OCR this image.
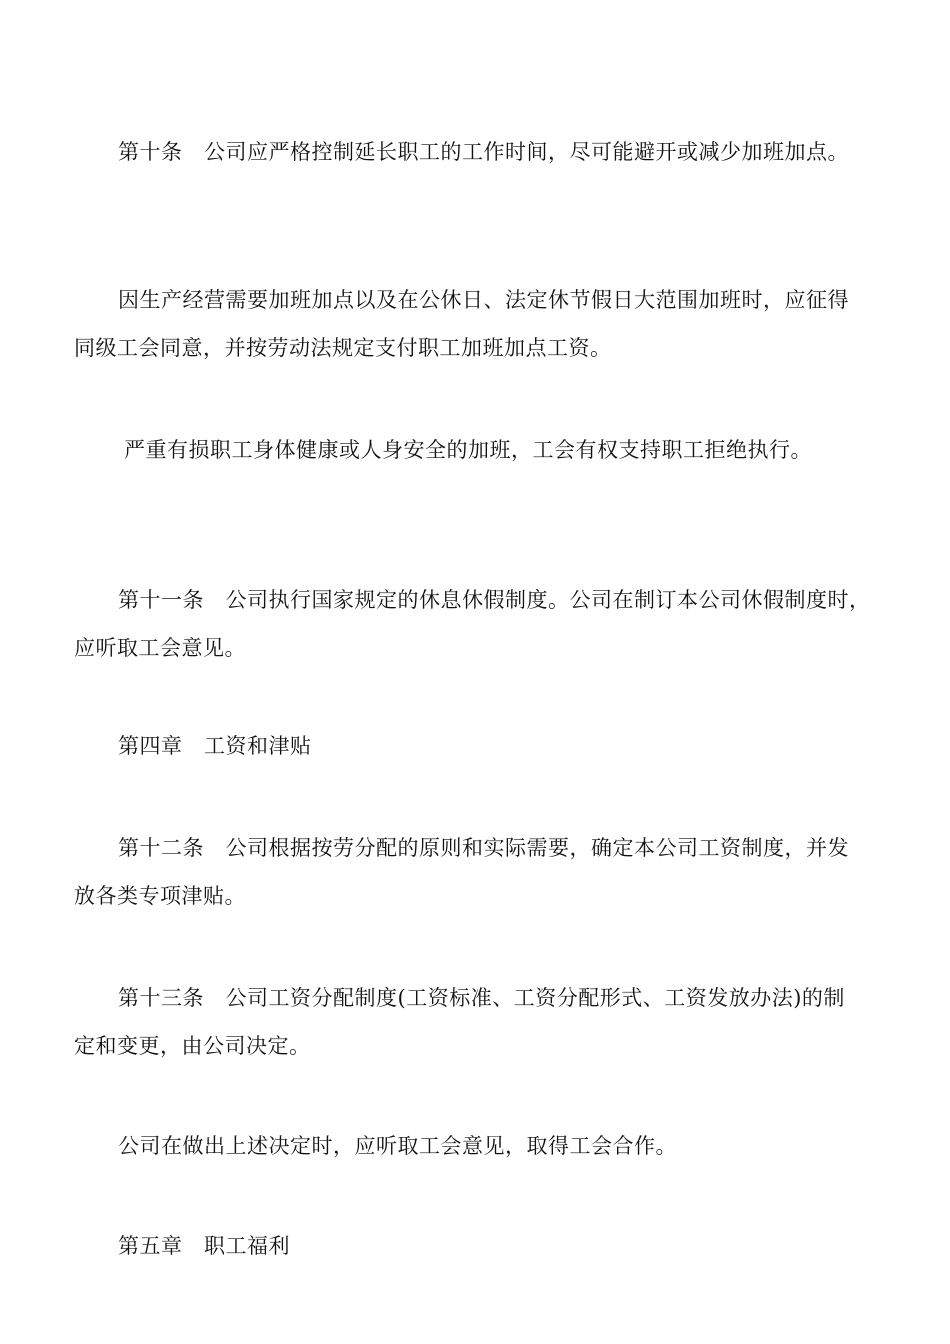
第十条　公司应严格控制延长职工的工作时间，尽可能避开或减少加班加点。

因生产经营需要加班加点以及在公休日、法定休节假日大范围加班时，应征得
同级工会同意，并按劳动法规定支付职工加班加点工资。

严重有损职工身体健康或人身安全的加班，工会有权支持职工拒绝执行。

第十一条　公司执行国家规定的休息休假制度。公司在制订本公司休假制度时，
应听取工会意见。

第四章　工资和津贴

第十二条　公司根据按劳分配的原则和实际需要，确定本公司工资制度，并发
放各类专项津贴。

第十三条　公司工资分配制度(工资标准、工资分配形式、工资发放办法)的制
定和变更，由公司决定。

公司在做出上述决定时，应听取工会意见，取得工会合作。

第五章　职工福利
